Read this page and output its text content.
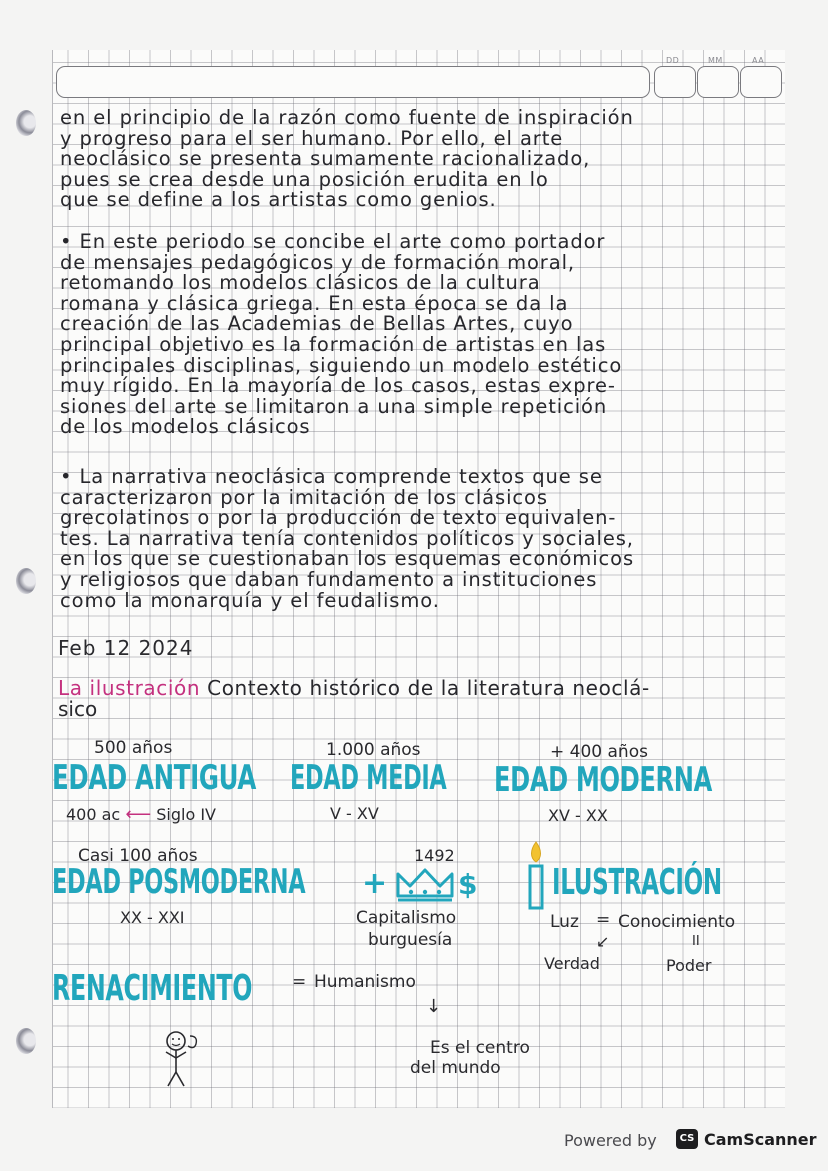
DD	MM	AA
en el principio de la razón como fuente de inspiración
y progreso para el ser humano. Por ello, el arte
neoclásico se presenta sumamente racionalizado,
pues se crea desde una posición erudita en lo
que se define a los artistas como genios.
• En este periodo se concibe el arte como portador
de mensajes pedagógicos y de formación moral,
retomando los modelos clásicos de la cultura
romana y clásica griega. En esta época se da la
creación de las Academias de Bellas Artes, cuyo
principal objetivo es la formación de artistas en las
principales disciplinas, siguiendo un modelo estético
muy rígido. En la mayoría de los casos, estas expre-
siones del arte se limitaron a una simple repetición
de los modelos clásicos
• La narrativa neoclásica comprende textos que se
caracterizaron por la imitación de los clásicos
grecolatinos o por la producción de texto equivalen-
tes. La narrativa tenía contenidos políticos y sociales,
en los que se cuestionaban los esquemas económicos
y religiosos que daban fundamento a instituciones
como la monarquía y el feudalismo.
Feb 12 2024
La ilustración Contexto histórico de la literatura neoclá-
sico
500 años
EDAD ANTIGUA
400 ac ⟵ Siglo IV
1.000 años
EDAD MEDIA
V - XV
+ 400 años
EDAD MODERNA
XV - XX
Casi 100 años
EDAD POSMODERNA
XX - XXI
1492
+	$
Capitalismo
burguesía
ILUSTRACIÓN
Luz = Conocimiento
↙	II
Verdad	Poder
RENACIMIENTO = Humanismo
↓
Es el centro
del mundo
Powered by	CS CamScanner
